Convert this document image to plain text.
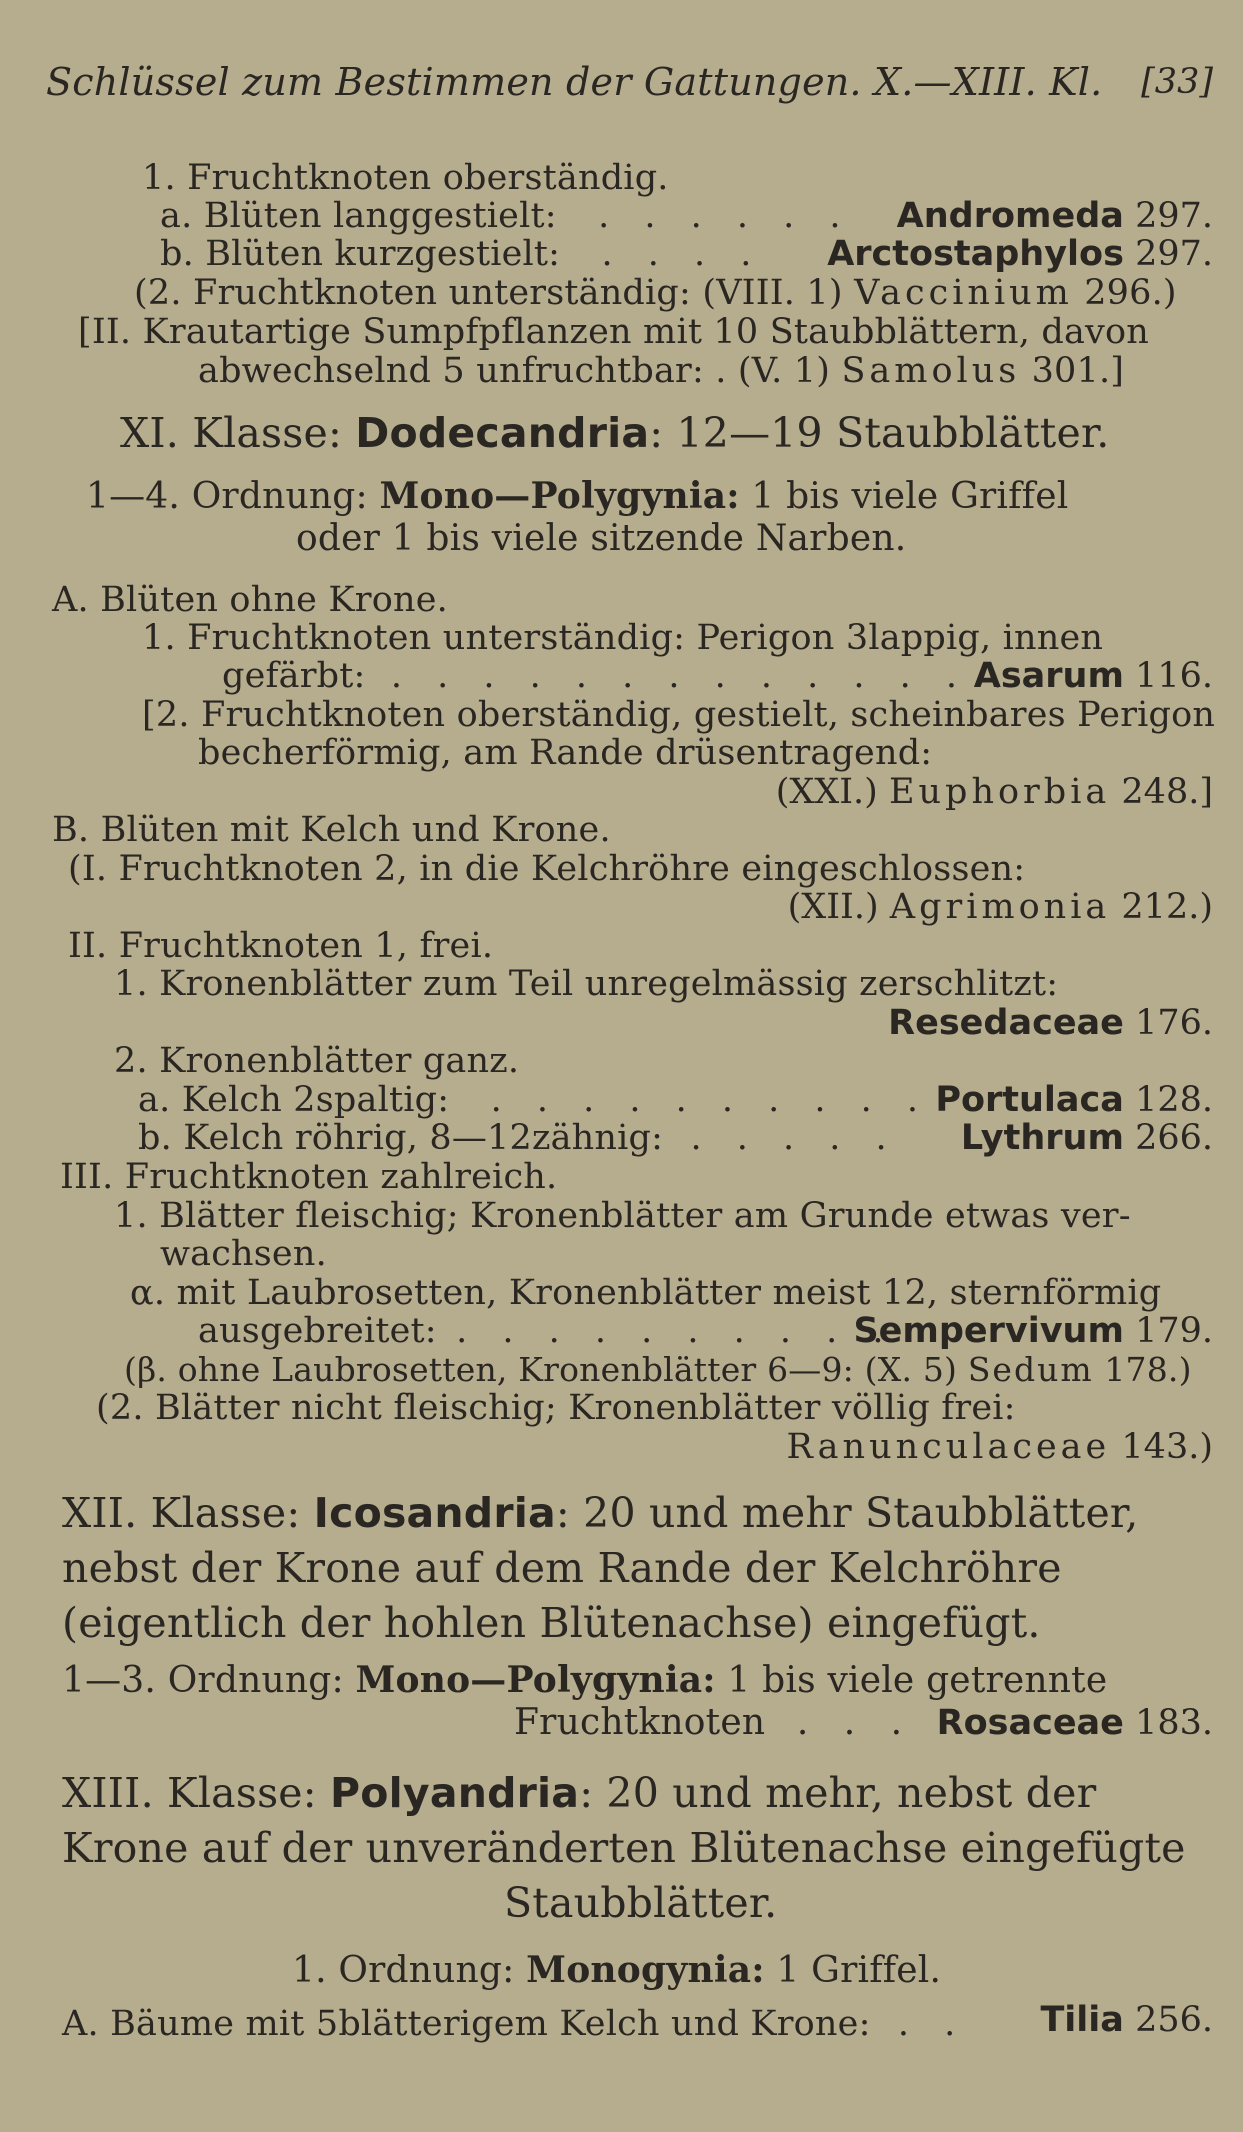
Schlüssel zum Bestimmen der Gattungen. X.—XIII. Kl. [33]
1. Fruchtknoten oberständig.
a. Blüten langgestielt: . . . . . . Andromeda 297.
b. Blüten kurzgestielt: . . . . Arctostaphylos 297.
(2. Fruchtknoten unterständig: (VIII. 1) Vaccinium 296.)
[II. Krautartige Sumpfpflanzen mit 10 Staubblättern, davon
abwechselnd 5 unfruchtbar: . (V. 1) Samolus 301.]
XI. Klasse: Dodecandria: 12—19 Staubblätter.
1—4. Ordnung: Mono—Polygynia: 1 bis viele Griffel
oder 1 bis viele sitzende Narben.
A. Blüten ohne Krone.
1. Fruchtknoten unterständig: Perigon 3lappig, innen
gefärbt: . . . . . . . . . . . . . .
Asarum 116.
[2. Fruchtknoten oberständig, gestielt, scheinbares Perigon
becherförmig, am Rande drüsentragend:
(XXI.) Euphorbia 248.]
B. Blüten mit Kelch und Krone.
(I. Fruchtknoten 2, in die Kelchröhre eingeschlossen:
(XII.) Agrimonia 212.)
II. Fruchtknoten 1, frei.
1. Kronenblätter zum Teil unregelmässig zerschlitzt:
Resedaceae 176.
2. Kronenblätter ganz.
a. Kelch 2spaltig: . . . . . . . . . . Portulaca 128.
b. Kelch röhrig, 8—12zähnig: . . . . . Lythrum 266.
III. Fruchtknoten zahlreich.
1. Blätter fleischig; Kronenblätter am Grunde etwas ver-
wachsen.
α. mit Laubrosetten, Kronenblätter meist 12, sternförmig
ausgebreitet: . . . . . . . . . .
Sempervivum 179.
(β. ohne Laubrosetten, Kronenblätter 6—9: (X. 5) Sedum 178.)
(2. Blätter nicht fleischig; Kronenblätter völlig frei:
Ranunculaceae 143.)
XII. Klasse: Icosandria: 20 und mehr Staubblätter,
nebst der Krone auf dem Rande der Kelchröhre
(eigentlich der hohlen Blütenachse) eingefügt.
1—3. Ordnung: Mono—Polygynia: 1 bis viele getrennte
Fruchtknoten . . . Rosaceae 183.
XIII. Klasse: Polyandria: 20 und mehr, nebst der
Krone auf der unveränderten Blütenachse eingefügte
Staubblätter.
1. Ordnung: Monogynia: 1 Griffel.
A. Bäume mit 5blätterigem Kelch und Krone: . . Tilia 256.
